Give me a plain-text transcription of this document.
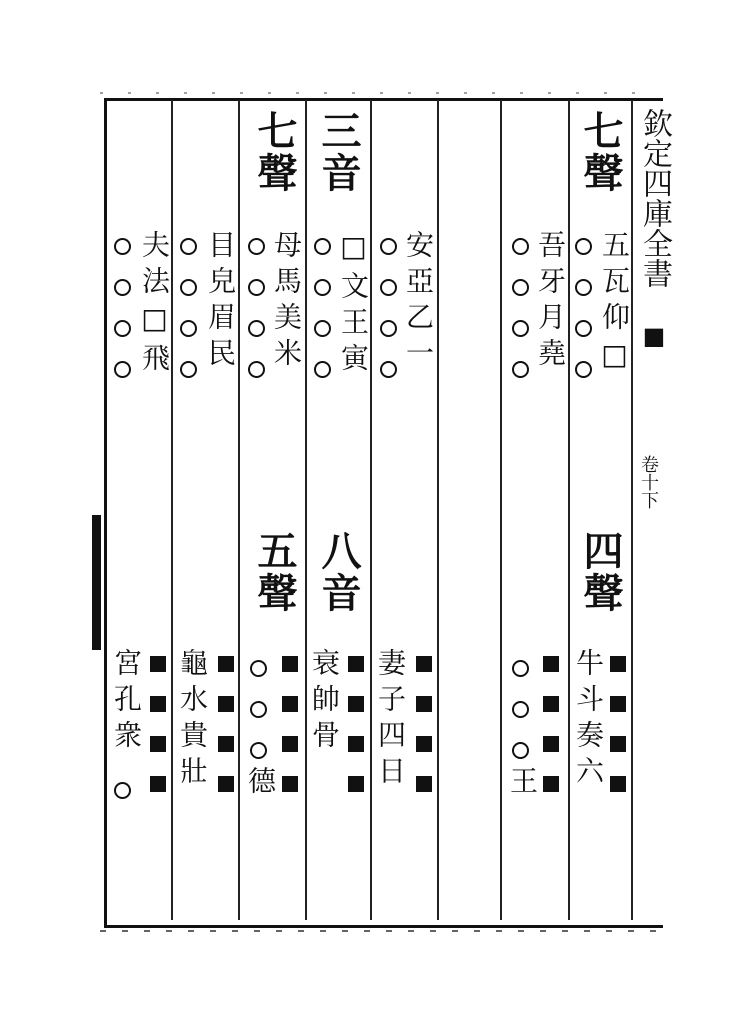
欽定四庫全書
■
卷十下
七聲
五瓦仰□
四聲
牛斗奏六
吾牙月堯
王
安亞乙一
妻子四日
三音
□文王寅
八音
衰帥骨
七聲
母馬美米
五聲
德
目皃眉民
龜水貴壯
夫法□飛
宮孔衆
